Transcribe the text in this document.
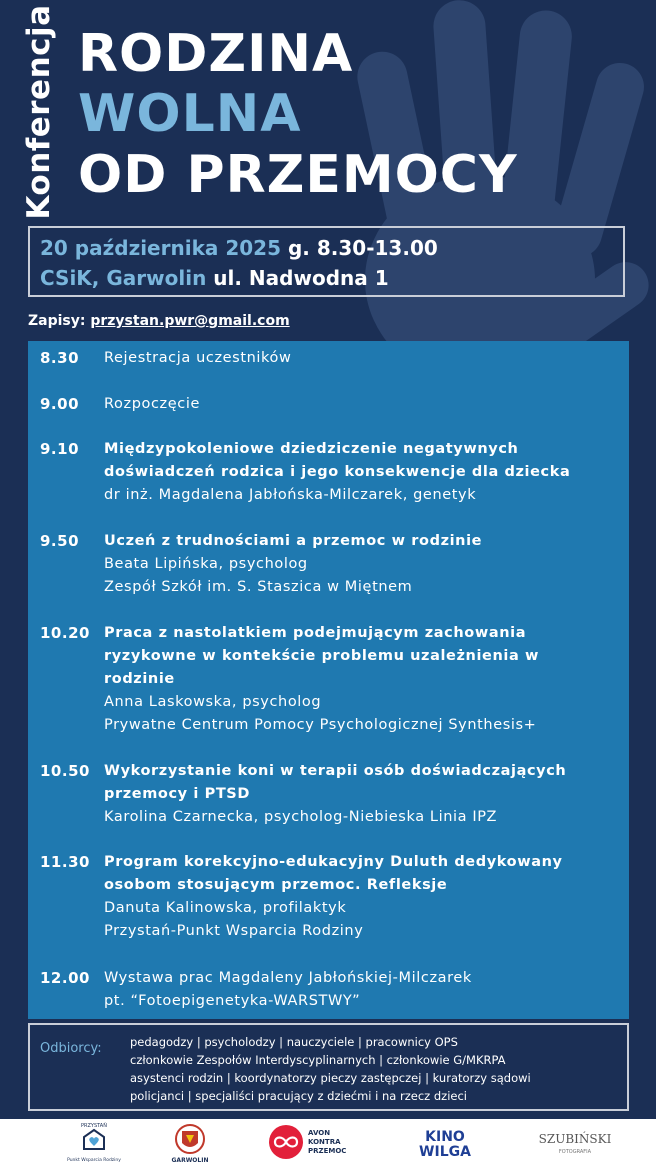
Konferencja RODZINA
WOLNA
OD PRZEMOCY
20 października 2025 g. 8.30-13.00
CSiK, Garwolin ul. Nadwodna 1
Zapisy: przystan.pwr@gmail.com
8.30 Rejestracja uczestników
9.00 Rozpoczęcie
9.10 Międzypokoleniowe dziedziczenie negatywnych doświadczeń rodzica i jego konsekwencje dla dziecka
dr inż. Magdalena Jabłońska-Milczarek, genetyk
9.50 Uczeń z trudnościami a przemoc w rodzinie
Beata Lipińska, psycholog
Zespół Szkół im. S. Staszica w Miętnem
10.20 Praca z nastolatkiem podejmującym zachowania ryzykowne w kontekście problemu uzależnienia w rodzinie
Anna Laskowska, psycholog
Prywatne Centrum Pomocy Psychologicznej Synthesis+
10.50 Wykorzystanie koni w terapii osób doświadczających przemocy i PTSD
Karolina Czarnecka, psycholog-Niebieska Linia IPZ
11.30 Program korekcyjno-edukacyjny Duluth dedykowany osobom stosującym przemoc. Refleksje
Danuta Kalinowska, profilaktyk
Przystań-Punkt Wsparcia Rodziny
12.00 Wystawa prac Magdaleny Jabłońskiej-Milczarek
pt. “Fotoepigenetyka-WARSTWY”
Odbiorcy: pedagodzy | psycholodzy | nauczyciele | pracownicy OPS
członkowie Zespołów Interdyscyplinarnych | członkowie G/MKRPA
asystenci rodzin | koordynatorzy pieczy zastępczej | kuratorzy sądowi
policjanci | specjaliści pracujący z dziećmi i na rzecz dzieci
PRZYSTAŃ
Punkt Wsparcia Rodziny	GARWOLIN
AVON
KONTRA
PRZEMOC
KINO
WILGA
SZUBIŃSKI
FOTOGRAFIA
